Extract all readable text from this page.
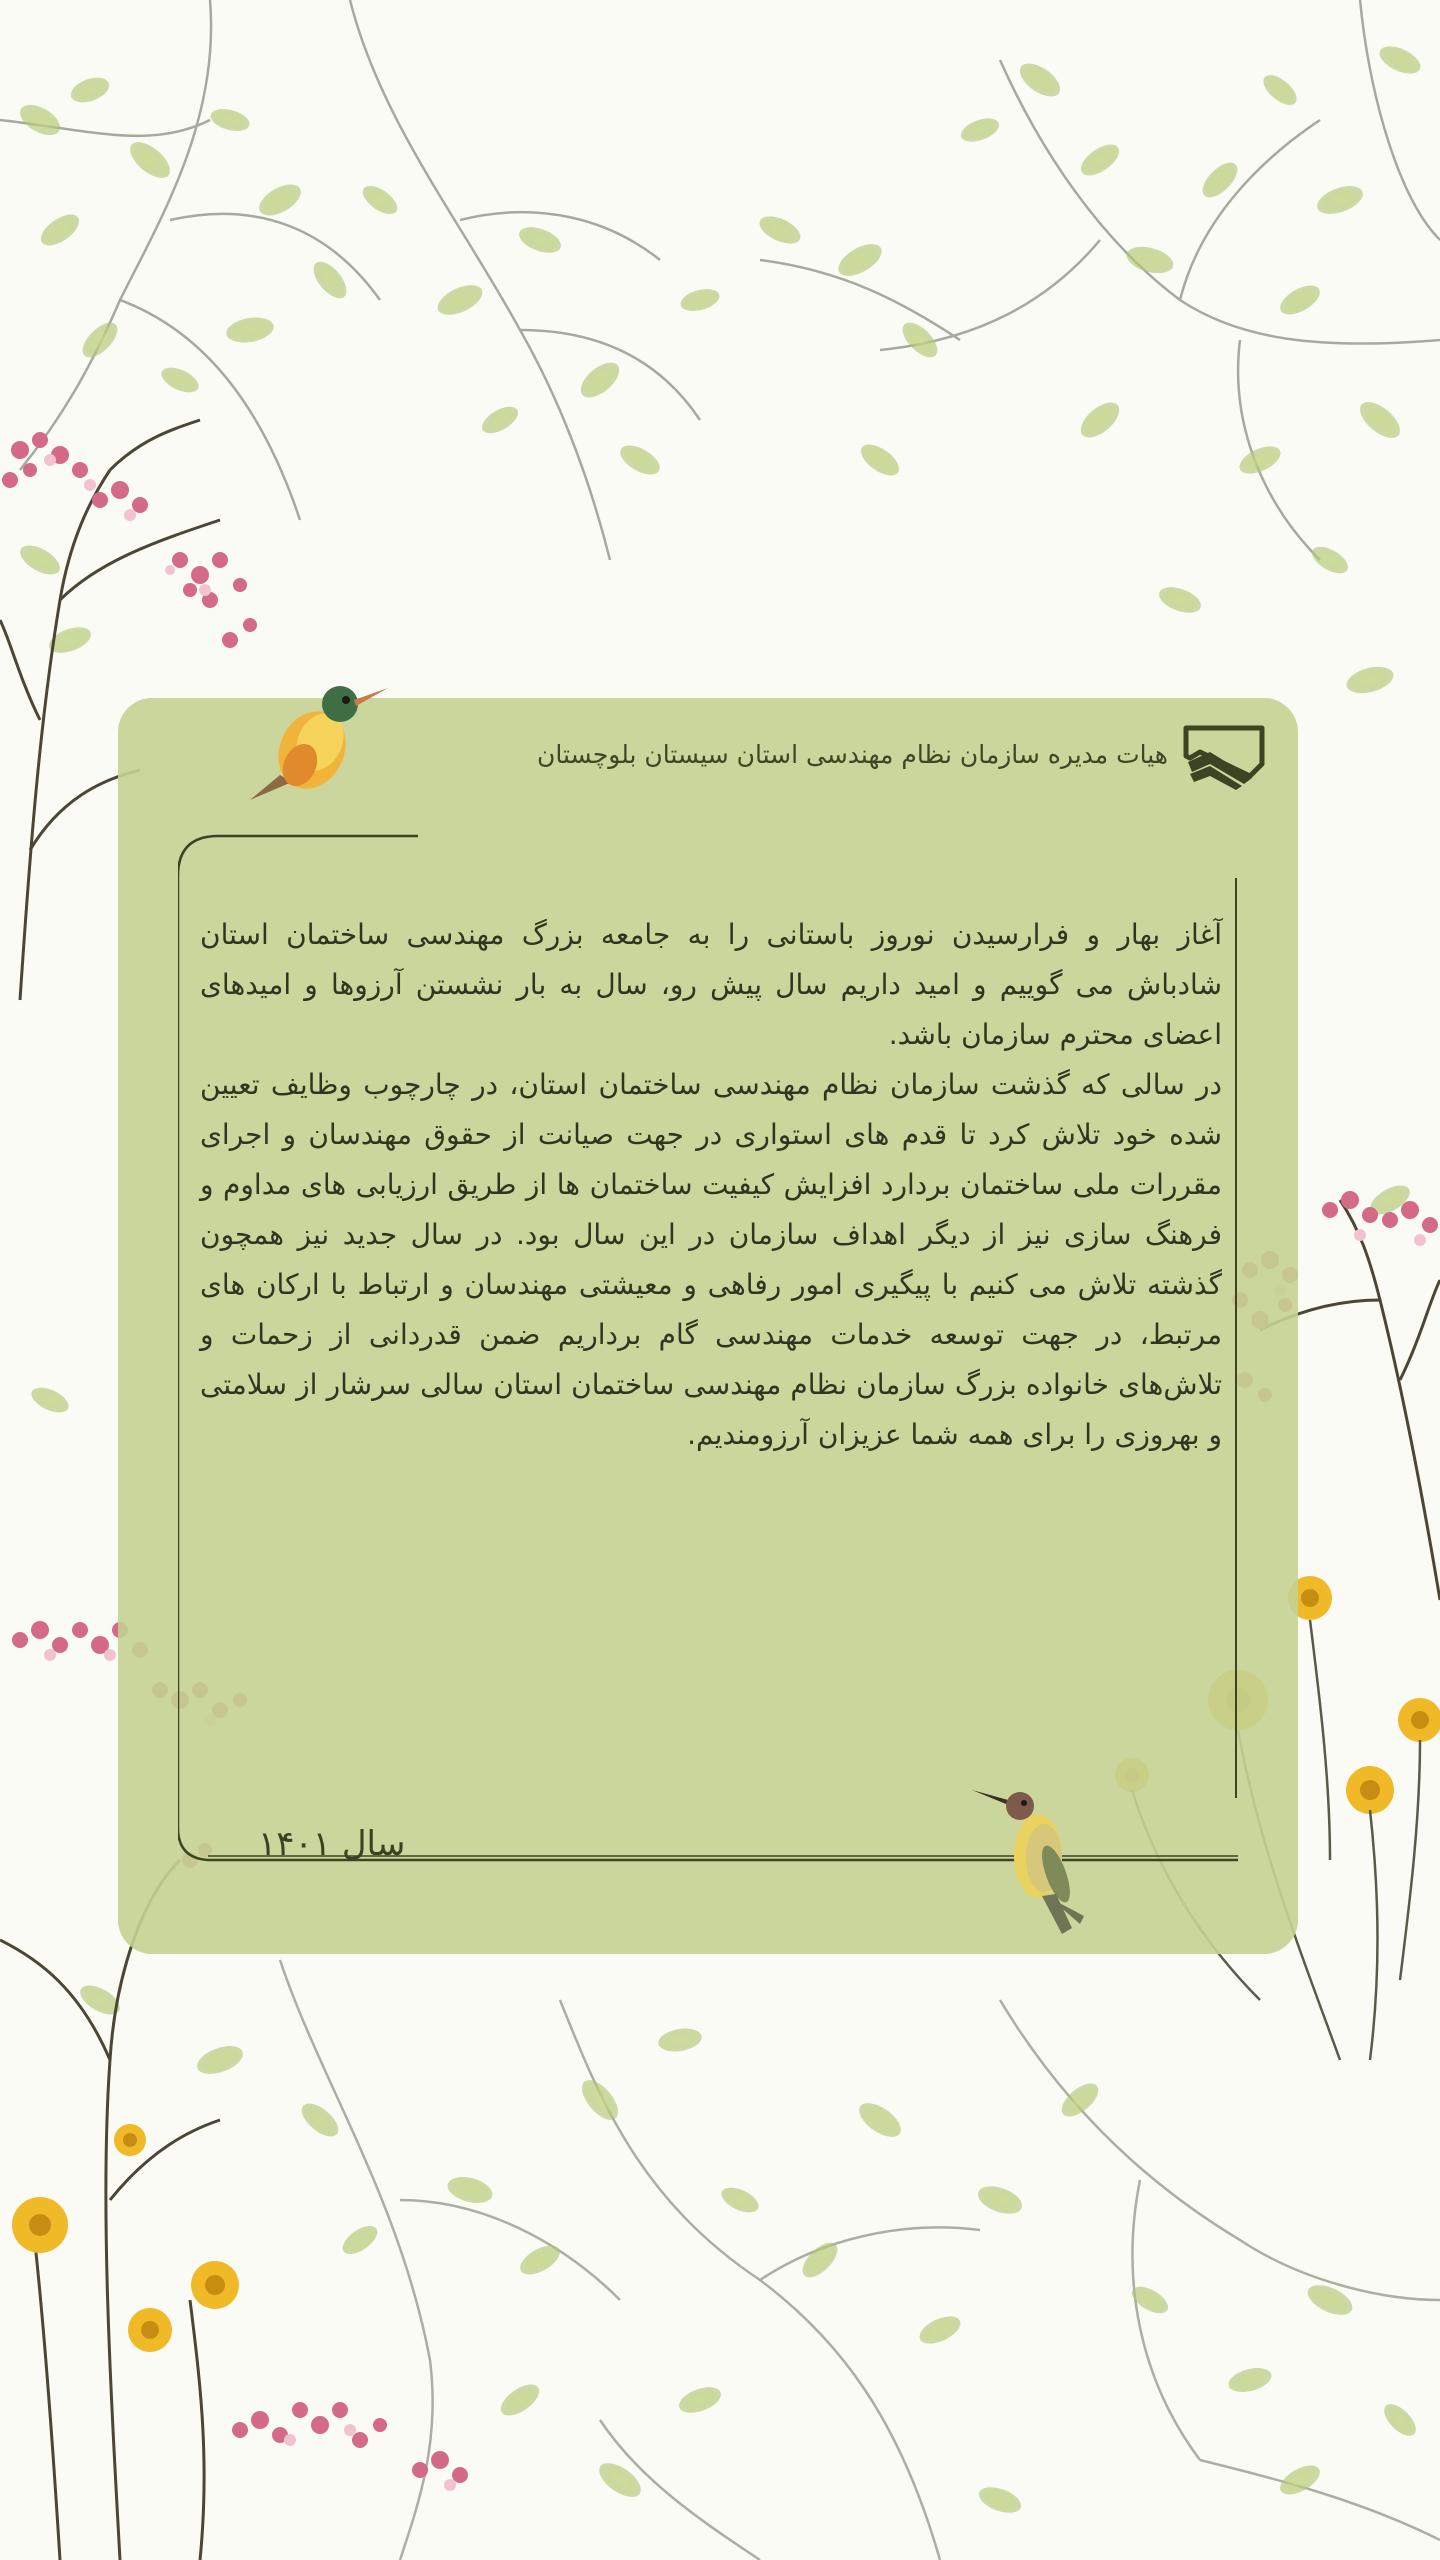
هیات مدیره سازمان نظام مهندسی استان سیستان بلوچستان

آغاز بهار و فرارسیدن نوروز باستانی را به جامعه بزرگ مهندسی ساختمان استان شادباش می گوییم و امید داریم سال پیش رو، سال به بار نشستن آرزوها و امیدهای اعضای محترم سازمان باشد.

در سالی که گذشت سازمان نظام مهندسی ساختمان استان، در چارچوب وظایف تعیین شده خود تلاش کرد تا قدم های استواری در جهت صیانت از حقوق مهندسان و اجرای مقررات ملی ساختمان بردارد افزایش کیفیت ساختمان ها از طریق ارزیابی های مداوم و فرهنگ سازی نیز از دیگر اهداف سازمان در این سال بود. در سال جدید نیز همچون گذشته تلاش می کنیم با پیگیری امور رفاهی و معیشتی مهندسان و ارتباط با ارکان های مرتبط، در جهت توسعه خدمات مهندسی گام برداریم ضمن قدردانی از زحمات و تلاش‌های خانواده بزرگ سازمان نظام مهندسی ساختمان استان سالی سرشار از سلامتی و بهروزی را برای همه شما عزیزان آرزومندیم.

سال ۱۴۰۱
